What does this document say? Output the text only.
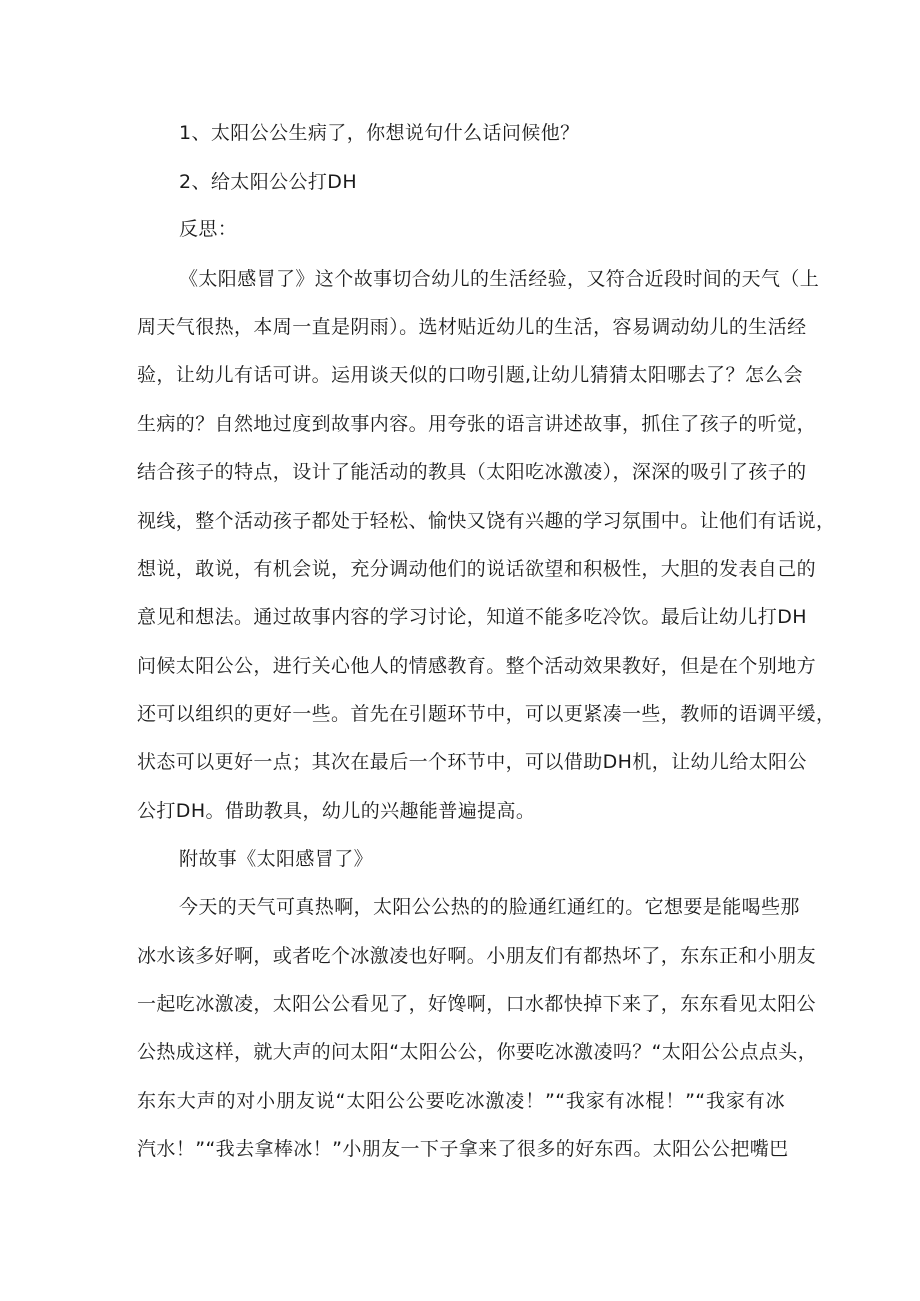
1、太阳公公生病了，你想说句什么话问候他？
2、给太阳公公打DH
反思：
《太阳感冒了》这个故事切合幼儿的生活经验，又符合近段时间的天气（上
周天气很热，本周一直是阴雨）。选材贴近幼儿的生活，容易调动幼儿的生活经
验，让幼儿有话可讲。运用谈天似的口吻引题,让幼儿猜猜太阳哪去了？怎么会
生病的？自然地过度到故事内容。用夸张的语言讲述故事，抓住了孩子的听觉，
结合孩子的特点，设计了能活动的教具（太阳吃冰激凌），深深的吸引了孩子的
视线，整个活动孩子都处于轻松、愉快又饶有兴趣的学习氛围中。让他们有话说，
想说，敢说，有机会说，充分调动他们的说话欲望和积极性，大胆的发表自己的
意见和想法。通过故事内容的学习讨论，知道不能多吃冷饮。最后让幼儿打DH
问候太阳公公，进行关心他人的情感教育。整个活动效果教好，但是在个别地方
还可以组织的更好一些。首先在引题环节中，可以更紧凑一些，教师的语调平缓，
状态可以更好一点；其次在最后一个环节中，可以借助DH机，让幼儿给太阳公
公打DH。借助教具，幼儿的兴趣能普遍提高。
附故事《太阳感冒了》
今天的天气可真热啊，太阳公公热的的脸通红通红的。它想要是能喝些那
冰水该多好啊，或者吃个冰激凌也好啊。小朋友们有都热坏了，东东正和小朋友
一起吃冰激凌，太阳公公看见了，好馋啊，口水都快掉下来了，东东看见太阳公
公热成这样，就大声的问太阳“太阳公公，你要吃冰激凌吗？“太阳公公点点头，
东东大声的对小朋友说“太阳公公要吃冰激凌！”“我家有冰棍！”“我家有冰
汽水！”“我去拿棒冰！”小朋友一下子拿来了很多的好东西。太阳公公把嘴巴
